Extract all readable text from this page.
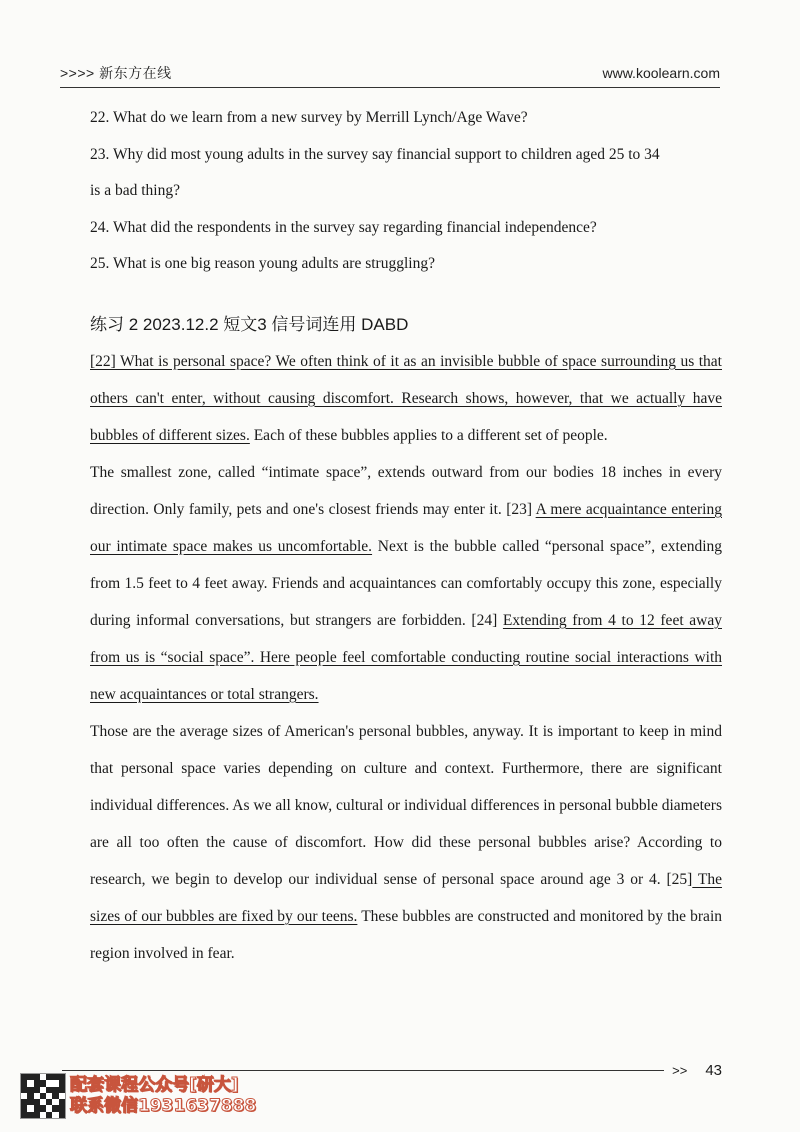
>>>> 新东方在线	www.koolearn.com
22. What do we learn from a new survey by Merrill Lynch/Age Wave?
23. Why did most young adults in the survey say financial support to children aged 25 to 34
is a bad thing?
24. What did the respondents in the survey say regarding financial independence?
25. What is one big reason young adults are struggling?
练习 2 2023.12.2 短文3 信号词连用 DABD

[22] What is personal space? We often think of it as an invisible bubble of space surrounding us that others can't enter, without causing discomfort. Research shows, however, that we actually have bubbles of different sizes. Each of these bubbles applies to a different set of people.

The smallest zone, called “intimate space”, extends outward from our bodies 18 inches in every direction. Only family, pets and one's closest friends may enter it. [23] A mere acquaintance entering our intimate space makes us uncomfortable. Next is the bubble called “personal space”, extending from 1.5 feet to 4 feet away. Friends and acquaintances can comfortably occupy this zone, especially during informal conversations, but strangers are forbidden. [24] Extending from 4 to 12 feet away from us is “social space”. Here people feel comfortable conducting routine social interactions with new acquaintances or total strangers.

Those are the average sizes of American's personal bubbles, anyway. It is important to keep in mind that personal space varies depending on culture and context. Furthermore, there are significant individual differences. As we all know, cultural or individual differences in personal bubble diameters are all too often the cause of discomfort. How did these personal bubbles arise? According to research, we begin to develop our individual sense of personal space around age 3 or 4. [25] The sizes of our bubbles are fixed by our teens. These bubbles are constructed and monitored by the brain region involved in fear.

>> 43
配套课程公众号[研大]
联系微信1931637888
